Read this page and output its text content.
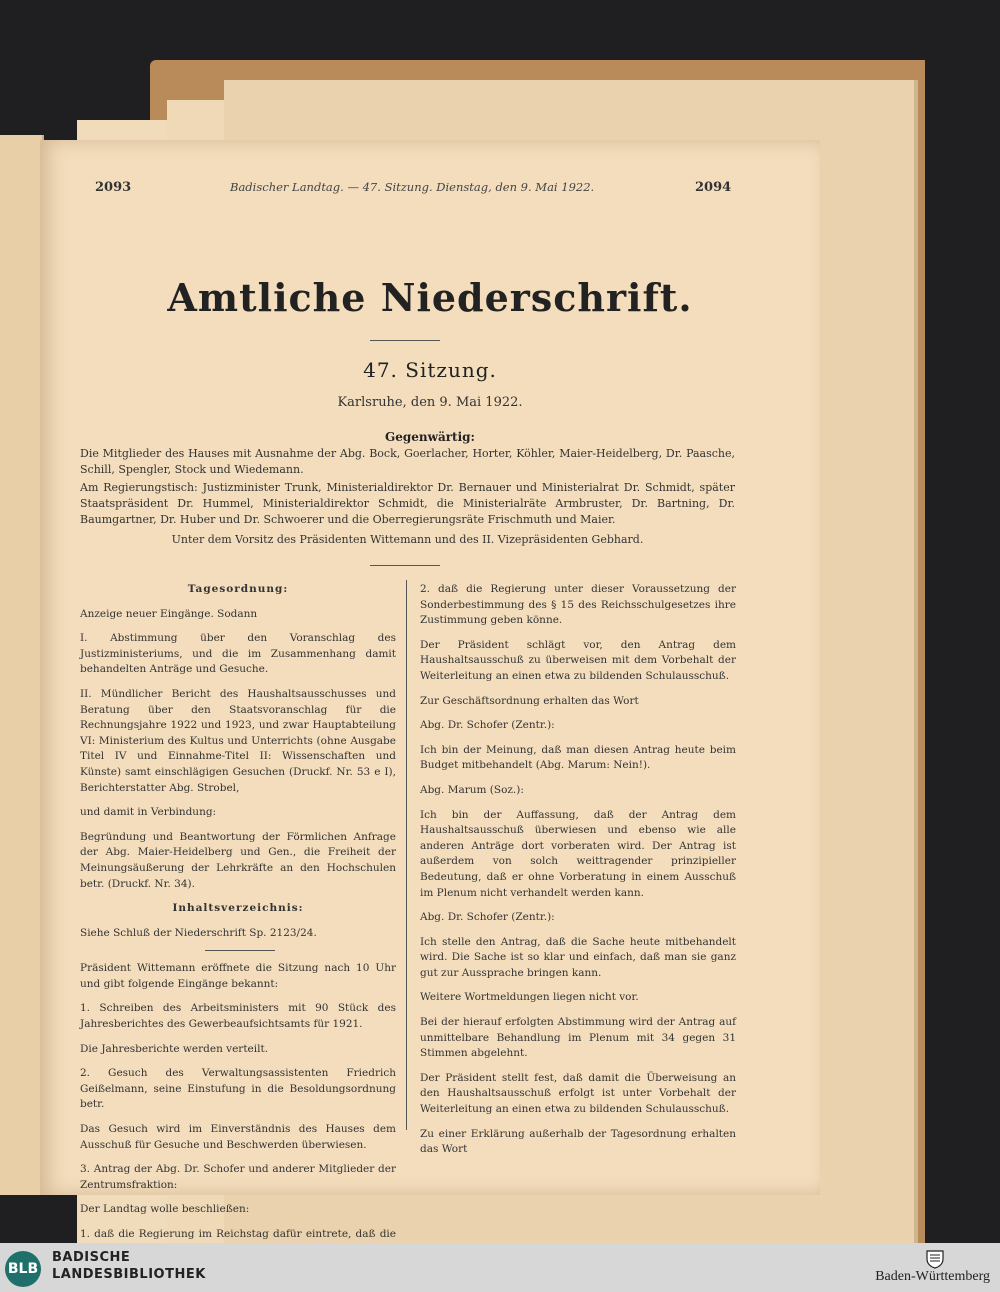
2093	Badischer Landtag. — 47. Sitzung. Dienstag, den 9. Mai 1922.	2094
Amtliche Niederschrift.
47. Sitzung.
Karlsruhe, den 9. Mai 1922.
Gegenwärtig:
Die Mitglieder des Hauses mit Ausnahme der Abg. Bock, Goerlacher, Horter, Köhler, Maier-Heidelberg, Dr. Paasche, Schill, Spengler, Stock und Wiedemann.
Am Regierungstisch: Justizminister Trunk, Ministerialdirektor Dr. Bernauer und Ministerialrat Dr. Schmidt, später Staatspräsident Dr. Hummel, Ministerialdirektor Schmidt, die Ministerialräte Armbruster, Dr. Bartning, Dr. Baumgartner, Dr. Huber und Dr. Schwoerer und die Oberregierungsräte Frischmuth und Maier.
Unter dem Vorsitz des Präsidenten Wittemann und des II. Vizepräsidenten Gebhard.

Tagesordnung:

Anzeige neuer Eingänge. Sodann

I. Abstimmung über den Voranschlag des Justizministeriums, und die im Zusammenhang damit behandelten Anträge und Gesuche.

II. Mündlicher Bericht des Haushaltsausschusses und Beratung über den Staatsvoranschlag für die Rechnungsjahre 1922 und 1923, und zwar Hauptabteilung VI: Ministerium des Kultus und Unterrichts (ohne Ausgabe Titel IV und Einnahme-Titel II: Wissenschaften und Künste) samt einschlägigen Gesuchen (Druckf. Nr. 53 e I), Berichterstatter Abg. Strobel,

und damit in Verbindung:

Begründung und Beantwortung der Förmlichen Anfrage der Abg. Maier-Heidelberg und Gen., die Freiheit der Meinungsäußerung der Lehrkräfte an den Hochschulen betr. (Druckf. Nr. 34).

Inhaltsverzeichnis:

Siehe Schluß der Niederschrift Sp. 2123/24.

Präsident Wittemann eröffnete die Sitzung nach 10 Uhr und gibt folgende Eingänge bekannt:

1. Schreiben des Arbeitsministers mit 90 Stück des Jahresberichtes des Gewerbeaufsichtsamts für 1921.

Die Jahresberichte werden verteilt.

2. Gesuch des Verwaltungsassistenten Friedrich Geißelmann, seine Einstufung in die Besoldungsordnung betr.

Das Gesuch wird im Einverständnis des Hauses dem Ausschuß für Gesuche und Beschwerden überwiesen.

3. Antrag der Abg. Dr. Schofer und anderer Mitglieder der Zentrumsfraktion:

Der Landtag wolle beschließen:

1. daß die Regierung im Reichstag dafür eintrete, daß die

2. daß die Regierung unter dieser Voraussetzung der Sonderbestimmung des § 15 des Reichsschulgesetzes ihre Zustimmung geben könne.

Der Präsident schlägt vor, den Antrag dem Haushaltsausschuß zu überweisen mit dem Vorbehalt der Weiterleitung an einen etwa zu bildenden Schulausschuß.

Zur Geschäftsordnung erhalten das Wort

Abg. Dr. Schofer (Zentr.):

Ich bin der Meinung, daß man diesen Antrag heute beim Budget mitbehandelt (Abg. Marum: Nein!).

Abg. Marum (Soz.):

Ich bin der Auffassung, daß der Antrag dem Haushaltsausschuß überwiesen und ebenso wie alle anderen Anträge dort vorberaten wird. Der Antrag ist außerdem von solch weittragender prinzipieller Bedeutung, daß er ohne Vorberatung in einem Ausschuß im Plenum nicht verhandelt werden kann.

Abg. Dr. Schofer (Zentr.):

Ich stelle den Antrag, daß die Sache heute mitbehandelt wird. Die Sache ist so klar und einfach, daß man sie ganz gut zur Aussprache bringen kann.

Weitere Wortmeldungen liegen nicht vor.

Bei der hierauf erfolgten Abstimmung wird der Antrag auf unmittelbare Behandlung im Plenum mit 34 gegen 31 Stimmen abgelehnt.

Der Präsident stellt fest, daß damit die Überweisung an den Haushaltsausschuß erfolgt ist unter Vorbehalt der Weiterleitung an einen etwa zu bildenden Schulausschuß.

Zu einer Erklärung außerhalb der Tagesordnung erhalten das Wort

BLB
BADISCHE
LANDESBIBLIOTHEK	Baden-Württemberg
